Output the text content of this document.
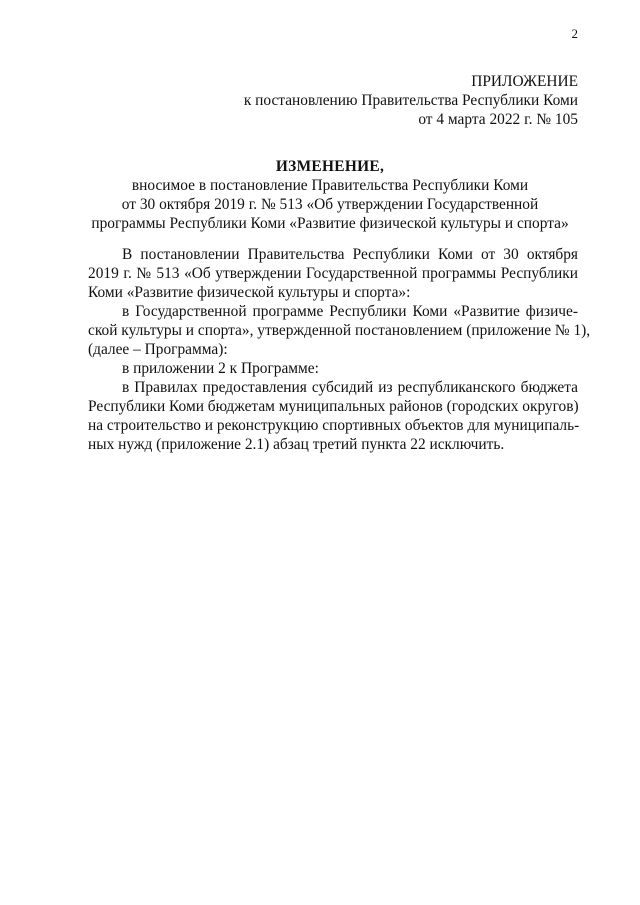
2
ПРИЛОЖЕНИЕ
к постановлению Правительства Республики Коми
от 4 марта 2022 г. № 105
ИЗМЕНЕНИЕ,
вносимое в постановление Правительства Республики Коми
от 30 октября 2019 г. № 513 «Об утверждении Государственной
программы Республики Коми «Развитие физической культуры и спорта»

В постановлении Правительства Республики Коми от 30 октября
2019 г. № 513 «Об утверждении Государственной программы Республики
Коми «Развитие физической культуры и спорта»:

в Государственной программе Республики Коми «Развитие физиче-
ской культуры и спорта», утвержденной постановлением (приложение № 1),
(далее – Программа):

в приложении 2 к Программе:

в Правилах предоставления субсидий из республиканского бюджета
Республики Коми бюджетам муниципальных районов (городских округов)
на строительство и реконструкцию спортивных объектов для муниципаль-
ных нужд (приложение 2.1) абзац третий пункта 22 исключить.
